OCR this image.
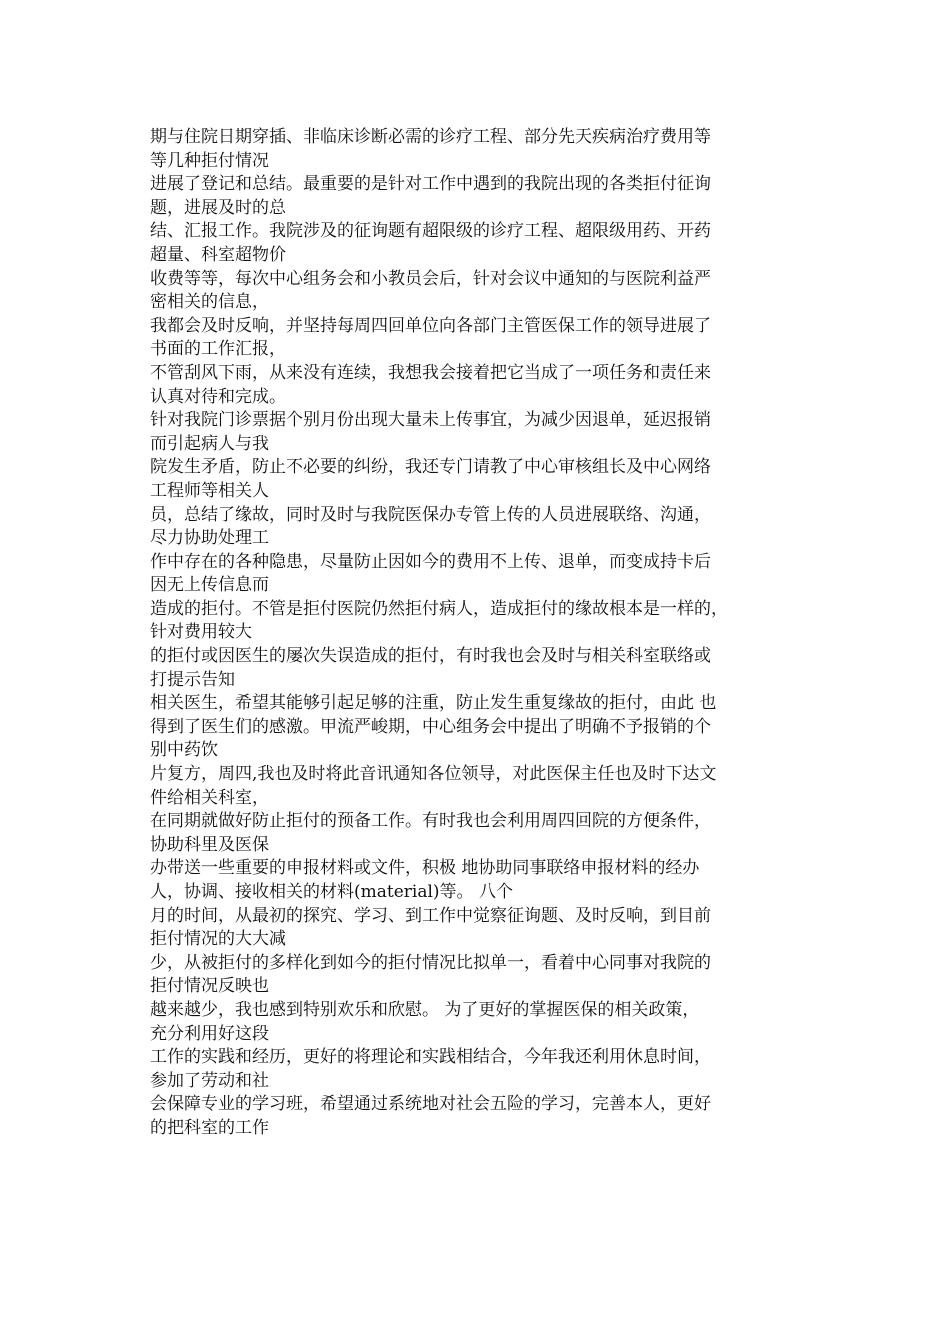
期与住院日期穿插、非临床诊断必需的诊疗工程、部分先天疾病治疗费用等

等几种拒付情况

进展了登记和总结。最重要的是针对工作中遇到的我院出现的各类拒付征询

题，进展及时的总

结、汇报工作。我院涉及的征询题有超限级的诊疗工程、超限级用药、开药

超量、科室超物价

收费等等，每次中心组务会和小教员会后，针对会议中通知的与医院利益严

密相关的信息，

我都会及时反响，并坚持每周四回单位向各部门主管医保工作的领导进展了

书面的工作汇报，

不管刮风下雨，从来没有连续，我想我会接着把它当成了一项任务和责任来

认真对待和完成。

针对我院门诊票据个别月份出现大量未上传事宜，为减少因退单，延迟报销

而引起病人与我

院发生矛盾，防止不必要的纠纷，我还专门请教了中心审核组长及中心网络

工程师等相关人

员，总结了缘故，同时及时与我院医保办专管上传的人员进展联络、沟通，

尽力协助处理工

作中存在的各种隐患，尽量防止因如今的费用不上传、退单，而变成持卡后

因无上传信息而

造成的拒付。不管是拒付医院仍然拒付病人，造成拒付的缘故根本是一样的，

针对费用较大

的拒付或因医生的屡次失误造成的拒付，有时我也会及时与相关科室联络或

打提示告知

相关医生，希望其能够引起足够的注重，防止发生重复缘故的拒付，由此 也

得到了医生们的感激。甲流严峻期，中心组务会中提出了明确不予报销的个

别中药饮

片复方，周四,我也及时将此音讯通知各位领导，对此医保主任也及时下达文

件给相关科室，

在同期就做好防止拒付的预备工作。有时我也会利用周四回院的方便条件，

协助科里及医保

办带送一些重要的申报材料或文件，积极 地协助同事联络申报材料的经办

人，协调、接收相关的材料(material)等。 八个

月的时间，从最初的探究、学习、到工作中觉察征询题、及时反响，到目前

拒付情况的大大减

少，从被拒付的多样化到如今的拒付情况比拟单一，看着中心同事对我院的

拒付情况反映也

越来越少，我也感到特别欢乐和欣慰。 为了更好的掌握医保的相关政策，

充分利用好这段

工作的实践和经历，更好的将理论和实践相结合，今年我还利用休息时间，

参加了劳动和社

会保障专业的学习班，希望通过系统地对社会五险的学习，完善本人，更好

的把科室的工作
